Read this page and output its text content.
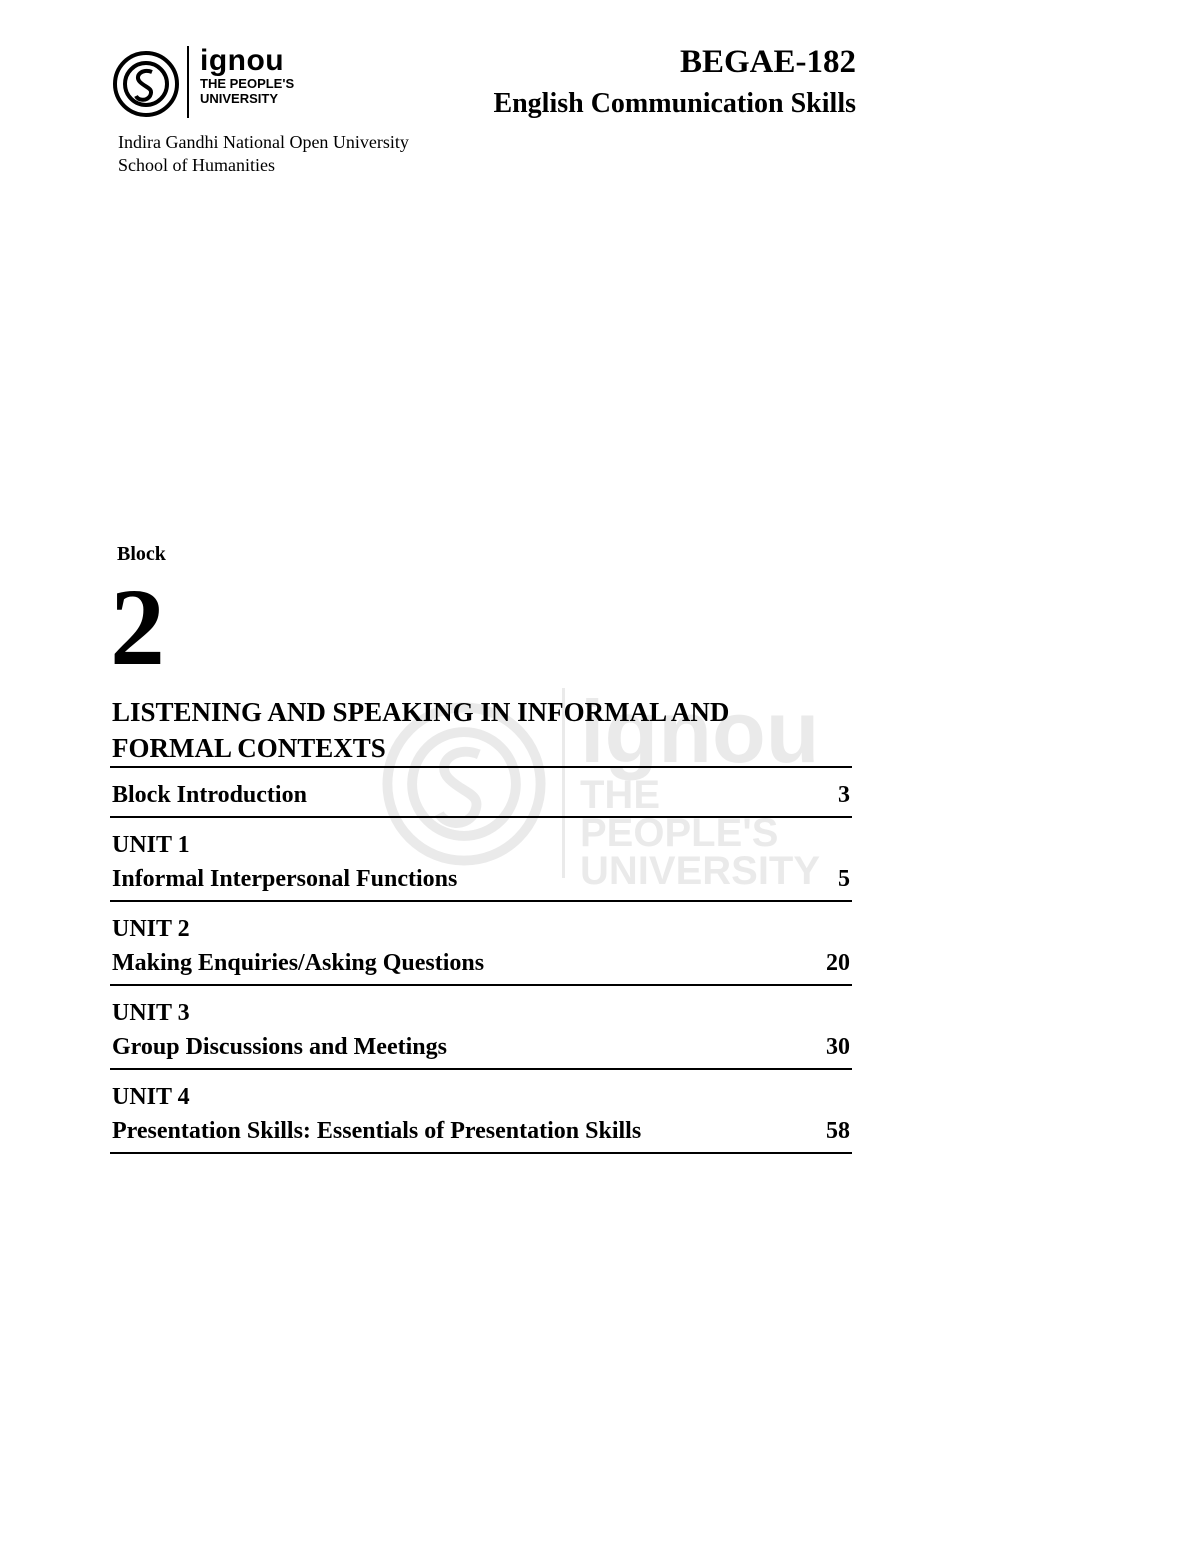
ignou
THE PEOPLE'S
UNIVERSITY
Indira Gandhi National Open University
School of Humanities
BEGAE-182
English Communication Skills
Block
2
ignou
THE PEOPLE'S
UNIVERSITY
LISTENING AND SPEAKING IN INFORMAL AND
FORMAL CONTEXTS
Block Introduction	3
UNIT 1
Informal Interpersonal Functions	5
UNIT 2
Making Enquiries/Asking Questions	20
UNIT 3
Group Discussions and Meetings	30
UNIT 4
Presentation Skills: Essentials of Presentation Skills	58
